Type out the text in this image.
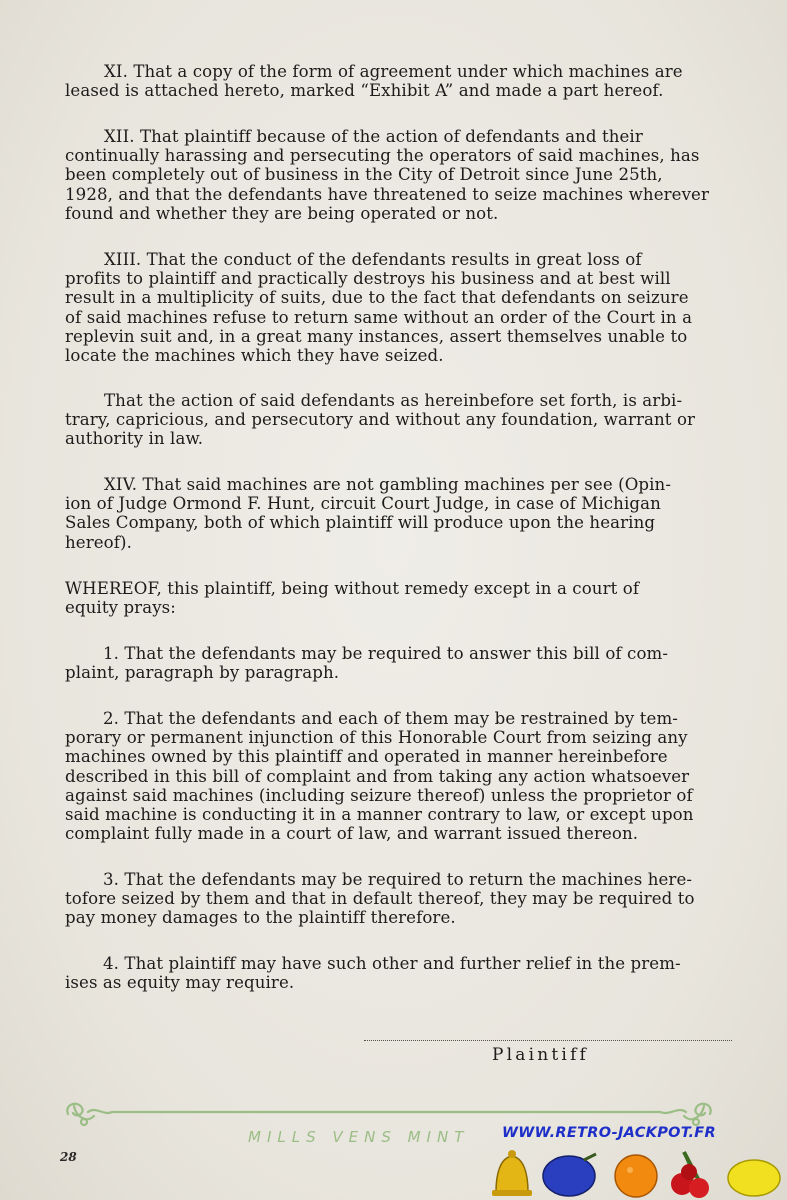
XI. That a copy of the form of agreement under which machines are
leased is attached hereto, marked “Exhibit A” and made a part hereof.

XII. That plaintiff because of the action of defendants and their
continually harassing and persecuting the operators of said machines, has
been completely out of business in the City of Detroit since June 25th,
1928, and that the defendants have threatened to seize machines wherever
found and whether they are being operated or not.

XIII. That the conduct of the defendants results in great loss of
profits to plaintiff and practically destroys his business and at best will
result in a multiplicity of suits, due to the fact that defendants on seizure
of said machines refuse to return same without an order of the Court in a
replevin suit and, in a great many instances, assert themselves unable to
locate the machines which they have seized.

That the action of said defendants as hereinbefore set forth, is arbi-
trary, capricious, and persecutory and without any foundation, warrant or
authority in law.

XIV. That said machines are not gambling machines per see (Opin-
ion of Judge Ormond F. Hunt, circuit Court Judge, in case of Michigan
Sales Company, both of which plaintiff will produce upon the hearing
hereof).

WHEREOF, this plaintiff, being without remedy except in a court of
equity prays:

1. That the defendants may be required to answer this bill of com-
plaint, paragraph by paragraph.

2. That the defendants and each of them may be restrained by tem-
porary or permanent injunction of this Honorable Court from seizing any
machines owned by this plaintiff and operated in manner hereinbefore
described in this bill of complaint and from taking any action whatsoever
against said machines (including seizure thereof) unless the proprietor of
said machine is conducting it in a manner contrary to law, or except upon
complaint fully made in a court of law, and warrant issued thereon.

3. That the defendants may be required to return the machines here-
tofore seized by them and that in default thereof, they may be required to
pay money damages to the plaintiff therefore.

4. That plaintiff may have such other and further relief in the prem-
ises as equity may require.

Plaintiff
MILLS VENS MINT WWW.RETRO-JACKPOT.FR
28
